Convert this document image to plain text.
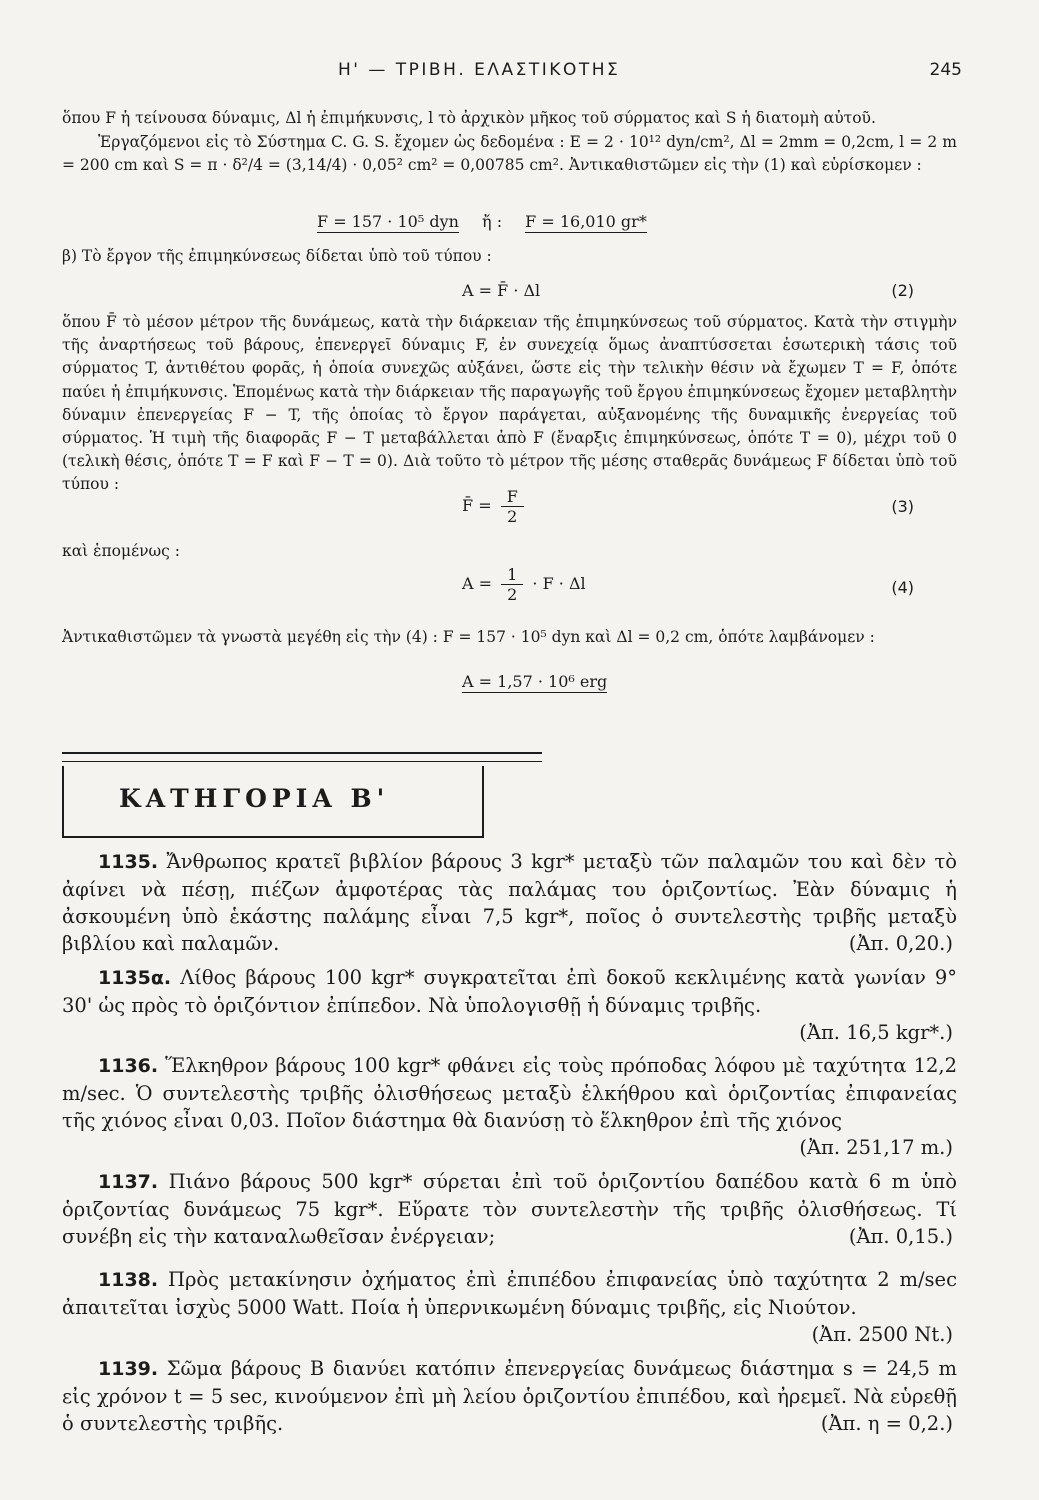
Η' — ΤΡΙΒΗ. ΕΛΑΣΤΙΚΟΤΗΣ	245
ὅπου F ἡ τείνουσα δύναμις, Δl ἡ ἐπιμήκυνσις, l τὸ ἀρχικὸν μῆκος τοῦ σύρματος καὶ S ἡ διατομὴ αὐτοῦ.
Ἐργαζόμενοι εἰς τὸ Σύστημα C. G. S. ἔχομεν ὡς δεδομένα : E = 2 · 10¹² dyn/cm², Δl = 2mm = 0,2cm, l = 2 m = 200 cm καὶ S = π · δ²/4 = (3,14/4) · 0,05² cm² = 0,00785 cm². Ἀντικαθιστῶμεν εἰς τὴν (1) καὶ εὑρίσκομεν :
F = 157 · 10⁵ dyn ἤ : F = 16,010 gr*
β) Τὸ ἔργον τῆς ἐπιμηκύνσεως δίδεται ὑπὸ τοῦ τύπου :
A = F̄ · Δl	(2)
ὅπου F̄ τὸ μέσον μέτρον τῆς δυνάμεως, κατὰ τὴν διάρκειαν τῆς ἐπιμηκύνσεως τοῦ σύρματος. Κατὰ τὴν στιγμὴν τῆς ἀναρτήσεως τοῦ βάρους, ἐπενεργεῖ δύναμις F, ἐν συνεχείᾳ ὅμως ἀναπτύσσεται ἐσωτερικὴ τάσις τοῦ σύρματος T, ἀντιθέτου φορᾶς, ἡ ὁποία συνεχῶς αὐξάνει, ὥστε εἰς τὴν τελικὴν θέσιν νὰ ἔχωμεν T = F, ὁπότε παύει ἡ ἐπιμήκυνσις. Ἑπομένως κατὰ τὴν διάρκειαν τῆς παραγωγῆς τοῦ ἔργου ἐπιμηκύνσεως ἔχομεν μεταβλητὴν δύναμιν ἐπενεργείας F − T, τῆς ὁποίας τὸ ἔργον παράγεται, αὐξανομένης τῆς δυναμικῆς ἐνεργείας τοῦ σύρματος. Ἡ τιμὴ τῆς διαφορᾶς F − T μεταβάλλεται ἀπὸ F (ἔναρξις ἐπιμηκύνσεως, ὁπότε T = 0), μέχρι τοῦ 0 (τελικὴ θέσις, ὁπότε T = F καὶ F − T = 0). Διὰ τοῦτο τὸ μέτρον τῆς μέσης σταθερᾶς δυνάμεως F δίδεται ὑπὸ τοῦ τύπου :
F̄ = $\frac{F}{2}$	(3)
καὶ ἑπομένως :
$A = \frac{1}{2} \cdot F \cdot \Delta l$	(4)
Ἀντικαθιστῶμεν τὰ γνωστὰ μεγέθη εἰς τὴν (4) : F = 157 · 10⁵ dyn καὶ Δl = 0,2 cm, ὁπότε λαμβάνομεν :
A = 1,57 · 10⁶ erg
ΚΑΤΗΓΟΡΙΑ Β'
1135. Ἄνθρωπος κρατεῖ βιβλίον βάρους 3 kgr* μεταξὺ τῶν παλαμῶν του καὶ δὲν τὸ ἀφίνει νὰ πέσῃ, πιέζων ἀμφοτέρας τὰς παλάμας του ὁριζοντίως. Ἐὰν δύναμις ἡ ἀσκουμένη ὑπὸ ἑκάστης παλάμης εἶναι 7,5 kgr*, ποῖος ὁ συντελεστὴς τριβῆς μεταξὺ βιβλίου καὶ παλαμῶν.	(Ἀπ. 0,20.)
1135α. Λίθος βάρους 100 kgr* συγκρατεῖται ἐπὶ δοκοῦ κεκλιμένης κατὰ γωνίαν 9° 30' ὡς πρὸς τὸ ὁριζόντιον ἐπίπεδον. Νὰ ὑπολογισθῇ ἡ δύναμις τριβῆς.
(Ἀπ. 16,5 kgr*.)
1136. Ἕλκηθρον βάρους 100 kgr* φθάνει εἰς τοὺς πρόποδας λόφου μὲ ταχύτητα 12,2 m/sec. Ὁ συντελεστὴς τριβῆς ὀλισθήσεως μεταξὺ ἑλκήθρου καὶ ὁριζοντίας ἐπιφανείας τῆς χιόνος εἶναι 0,03. Ποῖον διάστημα θὰ διανύσῃ τὸ ἕλκηθρον ἐπὶ τῆς χιόνος
(Ἀπ. 251,17 m.)
1137. Πιάνο βάρους 500 kgr* σύρεται ἐπὶ τοῦ ὁριζοντίου δαπέδου κατὰ 6 m ὑπὸ ὁριζοντίας δυνάμεως 75 kgr*. Εὕρατε τὸν συντελεστὴν τῆς τριβῆς ὀλισθήσεως. Τί συνέβη εἰς τὴν καταναλωθεῖσαν ἐνέργειαν;	(Ἀπ. 0,15.)
1138. Πρὸς μετακίνησιν ὀχήματος ἐπὶ ἐπιπέδου ἐπιφανείας ὑπὸ ταχύτητα 2 m/sec ἀπαιτεῖται ἰσχὺς 5000 Watt. Ποία ἡ ὑπερνικωμένη δύναμις τριβῆς, εἰς Νιούτον.
(Ἀπ. 2500 Nt.)
1139. Σῶμα βάρους B διανύει κατόπιν ἐπενεργείας δυνάμεως διάστημα s = 24,5 m εἰς χρόνον t = 5 sec, κινούμενον ἐπὶ μὴ λείου ὁριζοντίου ἐπιπέδου, καὶ ἠρεμεῖ. Νὰ εὑρεθῇ ὁ συντελεστὴς τριβῆς.	(Ἀπ. η = 0,2.)
